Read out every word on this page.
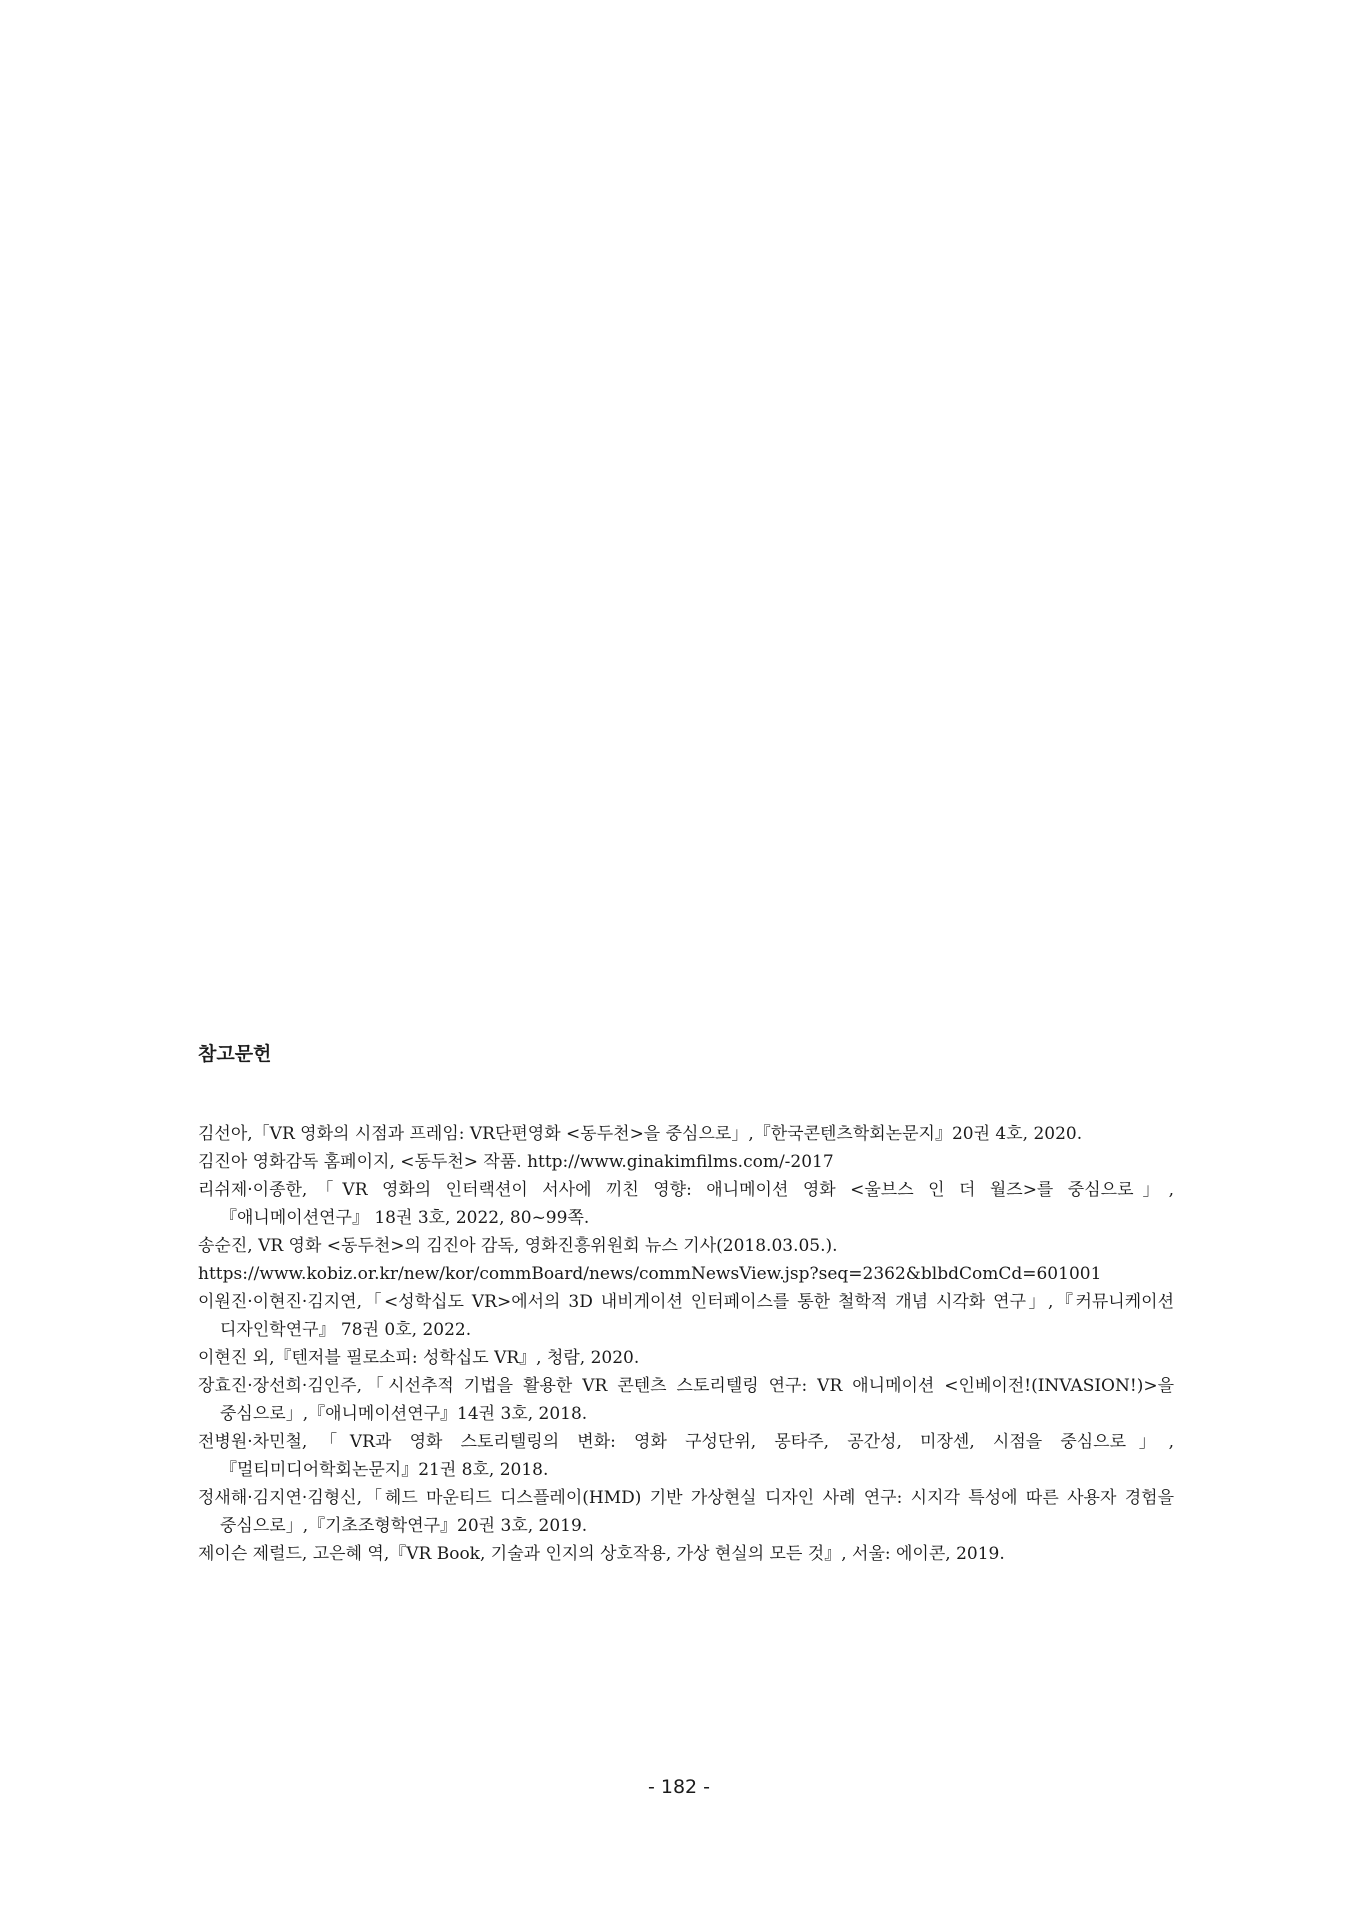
참고문헌
김선아,「VR 영화의 시점과 프레임: VR단편영화 <동두천>을 중심으로」,『한국콘텐츠학회논문지』20권 4호, 2020.
김진아 영화감독 홈페이지, <동두천> 작품. http://www.ginakimfilms.com/-2017
리쉬제·이종한,「VR 영화의 인터랙션이 서사에 끼친 영향: 애니메이션 영화 <울브스 인 더 월즈>를 중심으로」,『애니메이션연구』 18권 3호, 2022, 80~99쪽.
송순진, VR 영화 <동두천>의 김진아 감독, 영화진흥위원회 뉴스 기사(2018.03.05.).
https://www.kobiz.or.kr/new/kor/commBoard/news/commNewsView.jsp?seq=2362&blbdComCd=601001
이원진·이현진·김지연,「<성학십도 VR>에서의 3D 내비게이션 인터페이스를 통한 철학적 개념 시각화 연구」,『커뮤니케이션 디자인학연구』 78권 0호, 2022.
이현진 외,『텐저블 필로소피: 성학십도 VR』, 청람, 2020.
장효진·장선희·김인주,「시선추적 기법을 활용한 VR 콘텐츠 스토리텔링 연구: VR 애니메이션 <인베이전!(INVASION!)>을 중심으로」,『애니메이션연구』14권 3호, 2018.
전병원·차민철,「VR과 영화 스토리텔링의 변화: 영화 구성단위, 몽타주, 공간성, 미장센, 시점을 중심으로」,『멀티미디어학회논문지』21권 8호, 2018.
정새해·김지연·김형신,「헤드 마운티드 디스플레이(HMD) 기반 가상현실 디자인 사례 연구: 시지각 특성에 따른 사용자 경험을 중심으로」,『기초조형학연구』20권 3호, 2019.
제이슨 제럴드, 고은혜 역,『VR Book, 기술과 인지의 상호작용, 가상 현실의 모든 것』, 서울: 에이콘, 2019.
- 182 -
